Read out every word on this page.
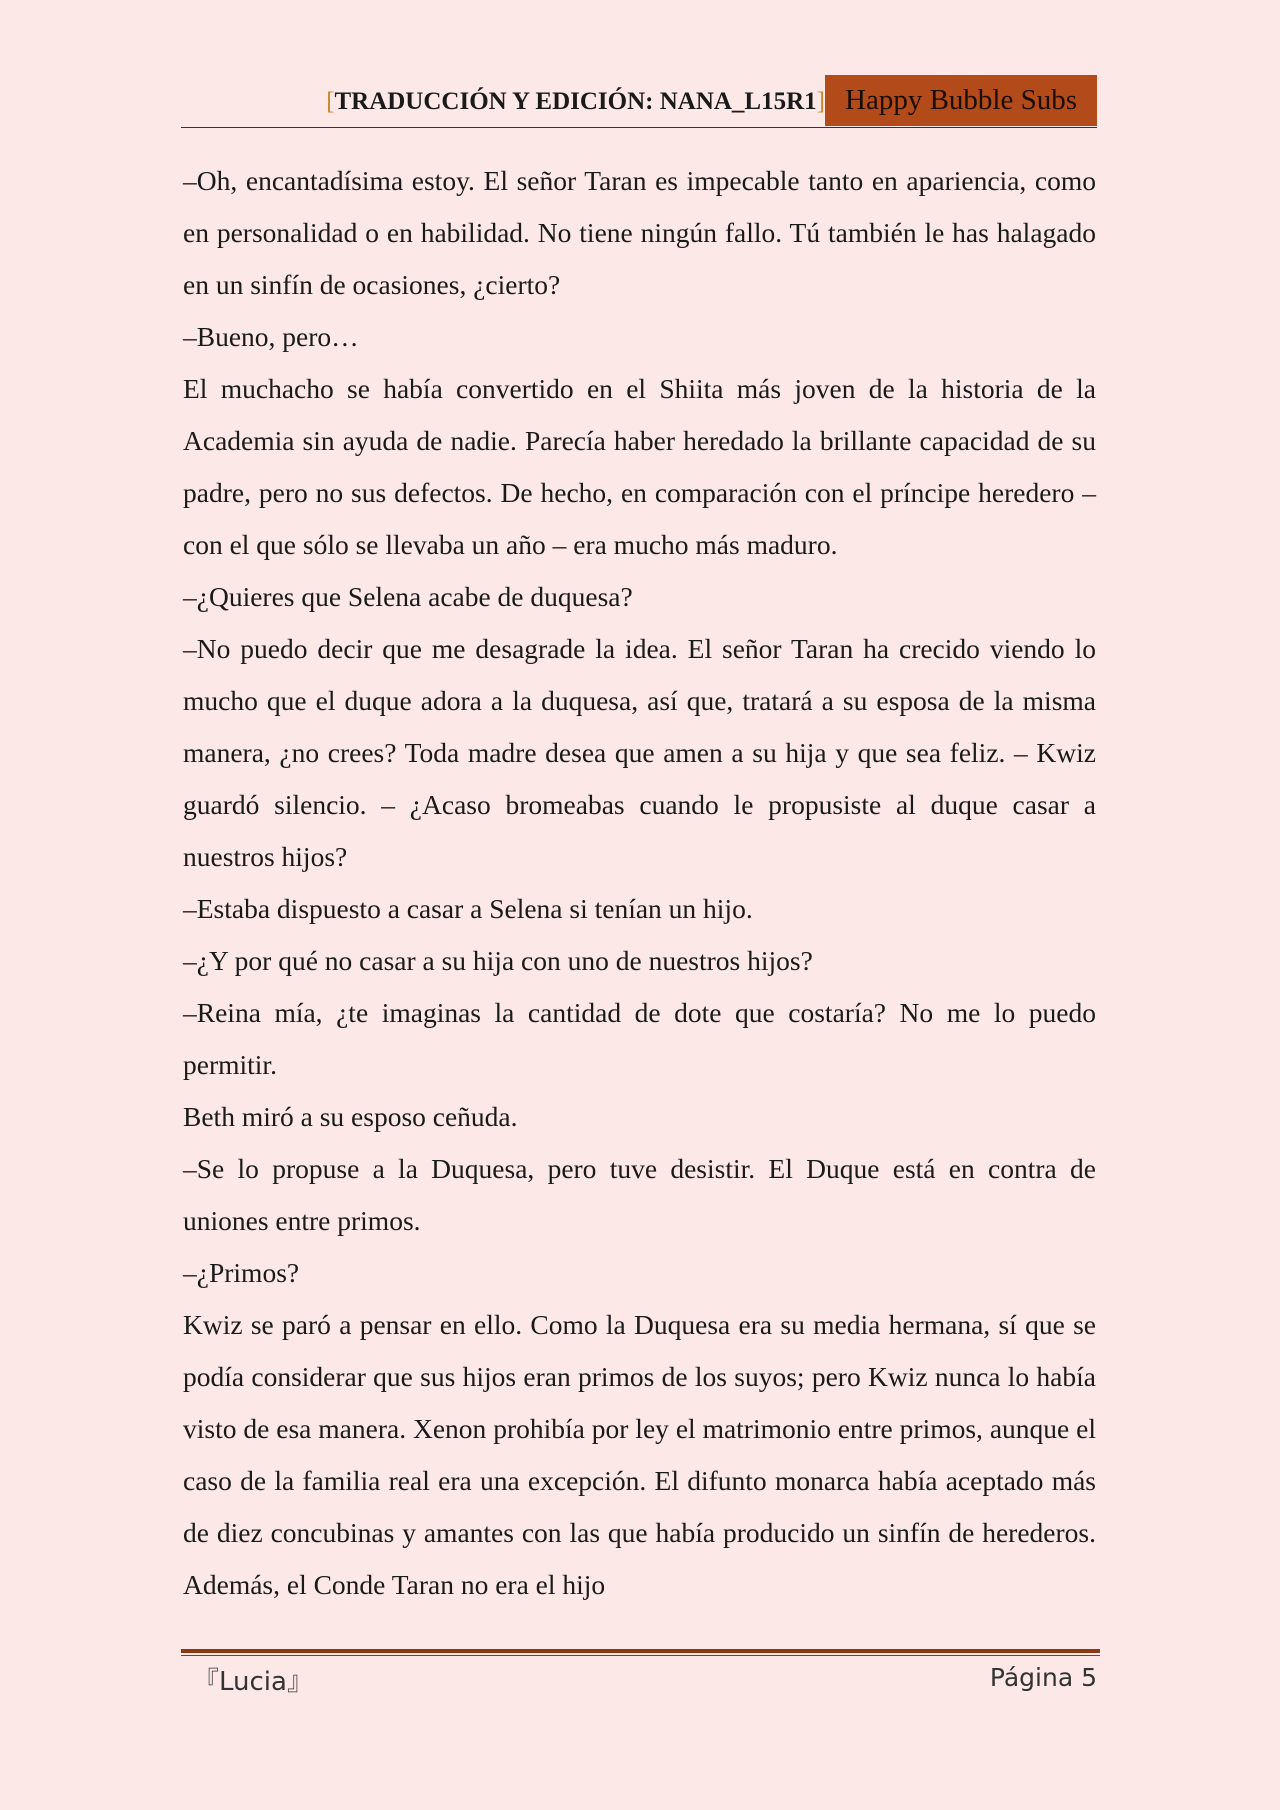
[TRADUCCIÓN Y EDICIÓN: NANA_L15R1] Happy Bubble Subs

–Oh, encantadísima estoy. El señor Taran es impecable tanto en apariencia, como en personalidad o en habilidad. No tiene ningún fallo. Tú también le has halagado en un sinfín de ocasiones, ¿cierto?

–Bueno, pero…

El muchacho se había convertido en el Shiita más joven de la historia de la Academia sin ayuda de nadie. Parecía haber heredado la brillante capacidad de su padre, pero no sus defectos. De hecho, en comparación con el príncipe heredero – con el que sólo se llevaba un año – era mucho más maduro.

–¿Quieres que Selena acabe de duquesa?

–No puedo decir que me desagrade la idea. El señor Taran ha crecido viendo lo mucho que el duque adora a la duquesa, así que, tratará a su esposa de la misma manera, ¿no crees? Toda madre desea que amen a su hija y que sea feliz. – Kwiz guardó silencio. – ¿Acaso bromeabas cuando le propusiste al duque casar a nuestros hijos?

–Estaba dispuesto a casar a Selena si tenían un hijo.

–¿Y por qué no casar a su hija con uno de nuestros hijos?

–Reina mía, ¿te imaginas la cantidad de dote que costaría? No me lo puedo permitir.

Beth miró a su esposo ceñuda.

–Se lo propuse a la Duquesa, pero tuve desistir. El Duque está en contra de uniones entre primos.

–¿Primos?

Kwiz se paró a pensar en ello. Como la Duquesa era su media hermana, sí que se podía considerar que sus hijos eran primos de los suyos; pero Kwiz nunca lo había visto de esa manera. Xenon prohibía por ley el matrimonio entre primos, aunque el caso de la familia real era una excepción. El difunto monarca había aceptado más de diez concubinas y amantes con las que había producido un sinfín de herederos. Además, el Conde Taran no era el hijo

『Lucia』	Página 5
